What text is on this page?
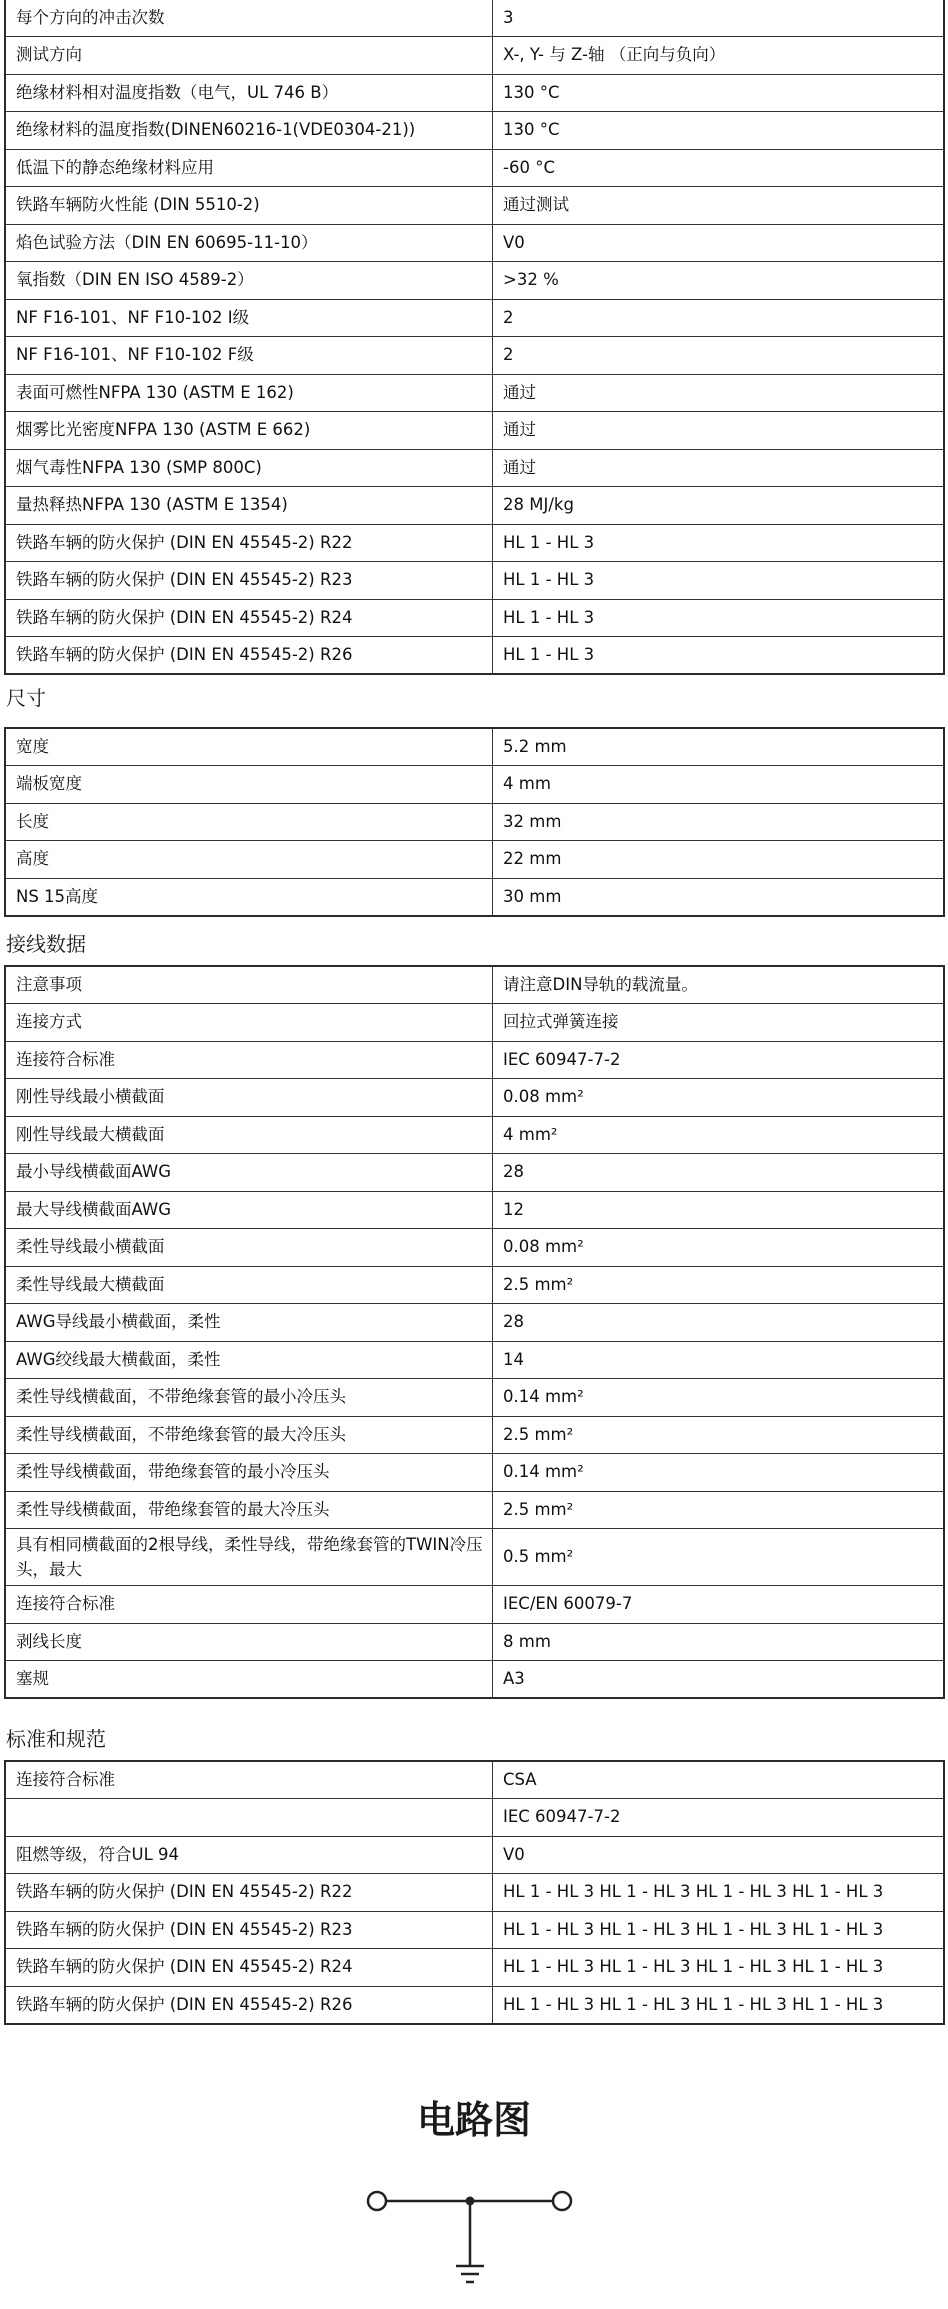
每个方向的冲击次数	3
测试方向	X-, Y- 与 Z-轴 （正向与负向）
绝缘材料相对温度指数（电气，UL 746 B）	130 °C
绝缘材料的温度指数(DINEN60216-1(VDE0304-21))	130 °C
低温下的静态绝缘材料应用	-60 °C
铁路车辆防火性能 (DIN 5510-2)	通过测试
焰色试验方法（DIN EN 60695-11-10）	V0
氧指数（DIN EN ISO 4589-2）	>32 %
NF F16-101、NF F10-102 I级	2
NF F16-101、NF F10-102 F级	2
表面可燃性NFPA 130 (ASTM E 162)	通过
烟雾比光密度NFPA 130 (ASTM E 662)	通过
烟气毒性NFPA 130 (SMP 800C)	通过
量热释热NFPA 130 (ASTM E 1354)	28 MJ/kg
铁路车辆的防火保护 (DIN EN 45545-2) R22	HL 1 - HL 3
铁路车辆的防火保护 (DIN EN 45545-2) R23	HL 1 - HL 3
铁路车辆的防火保护 (DIN EN 45545-2) R24	HL 1 - HL 3
铁路车辆的防火保护 (DIN EN 45545-2) R26	HL 1 - HL 3
尺寸
宽度	5.2 mm
端板宽度	4 mm
长度	32 mm
高度	22 mm
NS 15高度	30 mm
接线数据
注意事项	请注意DIN导轨的载流量。
连接方式	回拉式弹簧连接
连接符合标准	IEC 60947-7-2
刚性导线最小横截面	0.08 mm²
刚性导线最大横截面	4 mm²
最小导线横截面AWG	28
最大导线横截面AWG	12
柔性导线最小横截面	0.08 mm²
柔性导线最大横截面	2.5 mm²
AWG导线最小横截面，柔性	28
AWG绞线最大横截面，柔性	14
柔性导线横截面，不带绝缘套管的最小冷压头	0.14 mm²
柔性导线横截面，不带绝缘套管的最大冷压头	2.5 mm²
柔性导线横截面，带绝缘套管的最小冷压头	0.14 mm²
柔性导线横截面，带绝缘套管的最大冷压头	2.5 mm²
具有相同横截面的2根导线，柔性导线，带绝缘套管的TWIN冷压头，最大	0.5 mm²
连接符合标准	IEC/EN 60079-7
剥线长度	8 mm
塞规	A3
标准和规范
连接符合标准	CSA
	IEC 60947-7-2
阻燃等级，符合UL 94	V0
铁路车辆的防火保护 (DIN EN 45545-2) R22	HL 1 - HL 3 HL 1 - HL 3 HL 1 - HL 3 HL 1 - HL 3
铁路车辆的防火保护 (DIN EN 45545-2) R23	HL 1 - HL 3 HL 1 - HL 3 HL 1 - HL 3 HL 1 - HL 3
铁路车辆的防火保护 (DIN EN 45545-2) R24	HL 1 - HL 3 HL 1 - HL 3 HL 1 - HL 3 HL 1 - HL 3
铁路车辆的防火保护 (DIN EN 45545-2) R26	HL 1 - HL 3 HL 1 - HL 3 HL 1 - HL 3 HL 1 - HL 3
电路图
